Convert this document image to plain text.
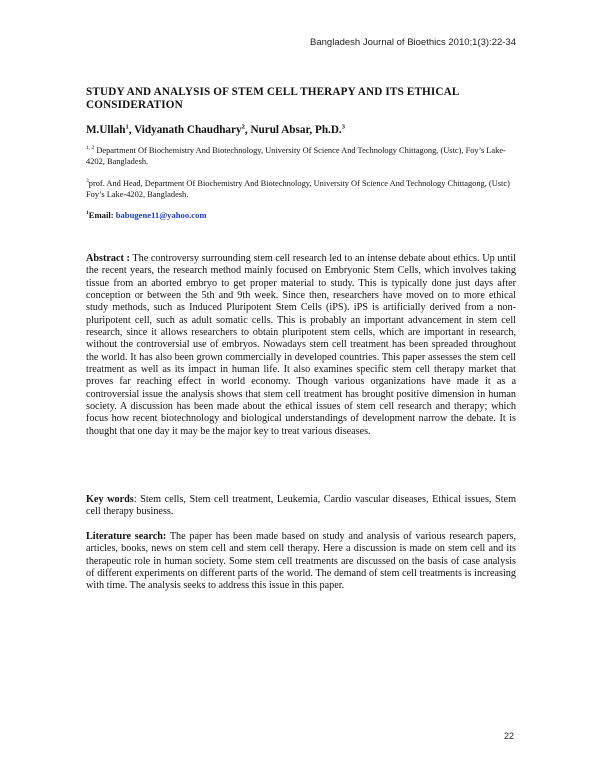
Bangladesh Journal of Bioethics 2010;1(3):22-34
STUDY AND ANALYSIS OF STEM CELL THERAPY AND ITS ETHICAL CONSIDERATION

M.Ullah$^1$, Vidyanath Chaudhary$^2$, Nurul Absar, Ph.D.$^3$

$^{1, 2}$ Department Of Biochemistry And Biotechnology, University Of Science And Technology Chittagong, (Ustc), Foy’s Lake-4202, Bangladesh.

$^3$prof. And Head, Department Of Biochemistry And Biotechnology, University Of Science And Technology Chittagong, (Ustc) Foy’s Lake-4202, Bangladesh.

$^1$Email: babugene11@yahoo.com

Abstract : The controversy surrounding stem cell research led to an intense debate about ethics. Up until the recent years, the research method mainly focused on Embryonic Stem Cells, which involves taking tissue from an aborted embryo to get proper material to study. This is typically done just days after conception or between the 5th and 9th week. Since then, researchers have moved on to more ethical study methods, such as Induced Pluripotent Stem Cells (iPS). iPS is artificially derived from a non-pluripotent cell, such as adult somatic cells. This is probably an important advancement in stem cell research, since it allows researchers to obtain pluripotent stem cells, which are important in research, without the controversial use of embryos. Nowadays stem cell treatment has been spreaded throughout the world. It has also been grown commercially in developed countries. This paper assesses the stem cell treatment as well as its impact in human life. It also examines specific stem cell therapy market that proves far reaching effect in world economy. Though various organizations have made it as a controversial issue the analysis shows that stem cell treatment has brought positive dimension in human society. A discussion has been made about the ethical issues of stem cell research and therapy; which focus how recent biotechnology and biological understandings of development narrow the debate. It is thought that one day it may be the major key to treat various diseases.

Key words: Stem cells, Stem cell treatment, Leukemia, Cardio vascular diseases, Ethical issues, Stem cell therapy business.

Literature search: The paper has been made based on study and analysis of various research papers, articles, books, news on stem cell and stem cell therapy. Here a discussion is made on stem cell and its therapeutic role in human society. Some stem cell treatments are discussed on the basis of case analysis of different experiments on different parts of the world. The demand of stem cell treatments is increasing with time. The analysis seeks to address this issue in this paper.

22
